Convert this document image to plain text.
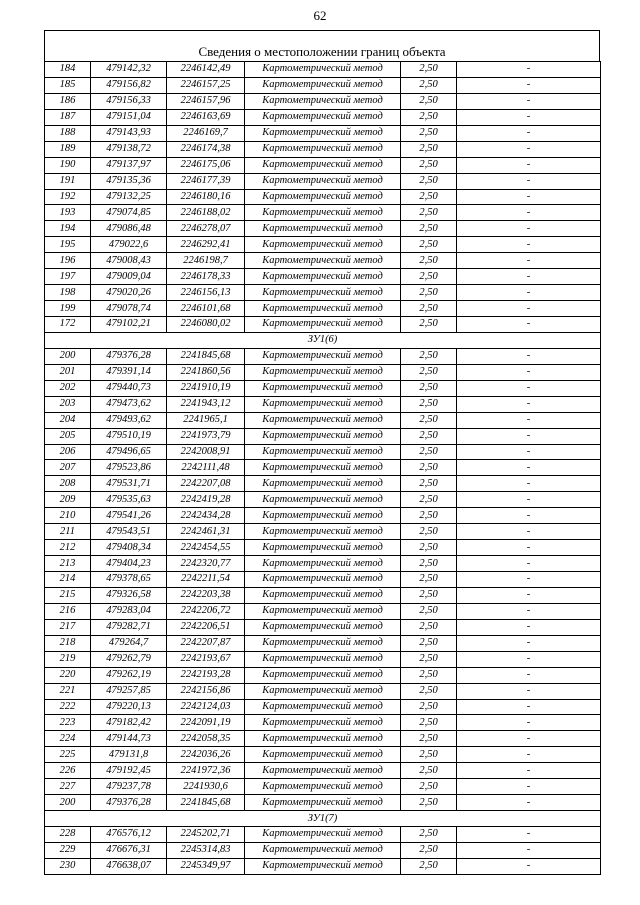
62
Сведения о местоположении границ объекта
184	479142,32	2246142,49	Картометрический метод	2,50	-
185	479156,82	2246157,25	Картометрический метод	2,50	-
186	479156,33	2246157,96	Картометрический метод	2,50	-
187	479151,04	2246163,69	Картометрический метод	2,50	-
188	479143,93	2246169,7	Картометрический метод	2,50	-
189	479138,72	2246174,38	Картометрический метод	2,50	-
190	479137,97	2246175,06	Картометрический метод	2,50	-
191	479135,36	2246177,39	Картометрический метод	2,50	-
192	479132,25	2246180,16	Картометрический метод	2,50	-
193	479074,85	2246188,02	Картометрический метод	2,50	-
194	479086,48	2246278,07	Картометрический метод	2,50	-
195	479022,6	2246292,41	Картометрический метод	2,50	-
196	479008,43	2246198,7	Картометрический метод	2,50	-
197	479009,04	2246178,33	Картометрический метод	2,50	-
198	479020,26	2246156,13	Картометрический метод	2,50	-
199	479078,74	2246101,68	Картометрический метод	2,50	-
172	479102,21	2246080,02	Картометрический метод	2,50	-
ЗУ1(6)					
200	479376,28	2241845,68	Картометрический метод	2,50	-
201	479391,14	2241860,56	Картометрический метод	2,50	-
202	479440,73	2241910,19	Картометрический метод	2,50	-
203	479473,62	2241943,12	Картометрический метод	2,50	-
204	479493,62	2241965,1	Картометрический метод	2,50	-
205	479510,19	2241973,79	Картометрический метод	2,50	-
206	479496,65	2242008,91	Картометрический метод	2,50	-
207	479523,86	2242111,48	Картометрический метод	2,50	-
208	479531,71	2242207,08	Картометрический метод	2,50	-
209	479535,63	2242419,28	Картометрический метод	2,50	-
210	479541,26	2242434,28	Картометрический метод	2,50	-
211	479543,51	2242461,31	Картометрический метод	2,50	-
212	479408,34	2242454,55	Картометрический метод	2,50	-
213	479404,23	2242320,77	Картометрический метод	2,50	-
214	479378,65	2242211,54	Картометрический метод	2,50	-
215	479326,58	2242203,38	Картометрический метод	2,50	-
216	479283,04	2242206,72	Картометрический метод	2,50	-
217	479282,71	2242206,51	Картометрический метод	2,50	-
218	479264,7	2242207,87	Картометрический метод	2,50	-
219	479262,79	2242193,67	Картометрический метод	2,50	-
220	479262,19	2242193,28	Картометрический метод	2,50	-
221	479257,85	2242156,86	Картометрический метод	2,50	-
222	479220,13	2242124,03	Картометрический метод	2,50	-
223	479182,42	2242091,19	Картометрический метод	2,50	-
224	479144,73	2242058,35	Картометрический метод	2,50	-
225	479131,8	2242036,26	Картометрический метод	2,50	-
226	479192,45	2241972,36	Картометрический метод	2,50	-
227	479237,78	2241930,6	Картометрический метод	2,50	-
200	479376,28	2241845,68	Картометрический метод	2,50	-
ЗУ1(7)					
228	476576,12	2245202,71	Картометрический метод	2,50	-
229	476676,31	2245314,83	Картометрический метод	2,50	-
230	476638,07	2245349,97	Картометрический метод	2,50	-
